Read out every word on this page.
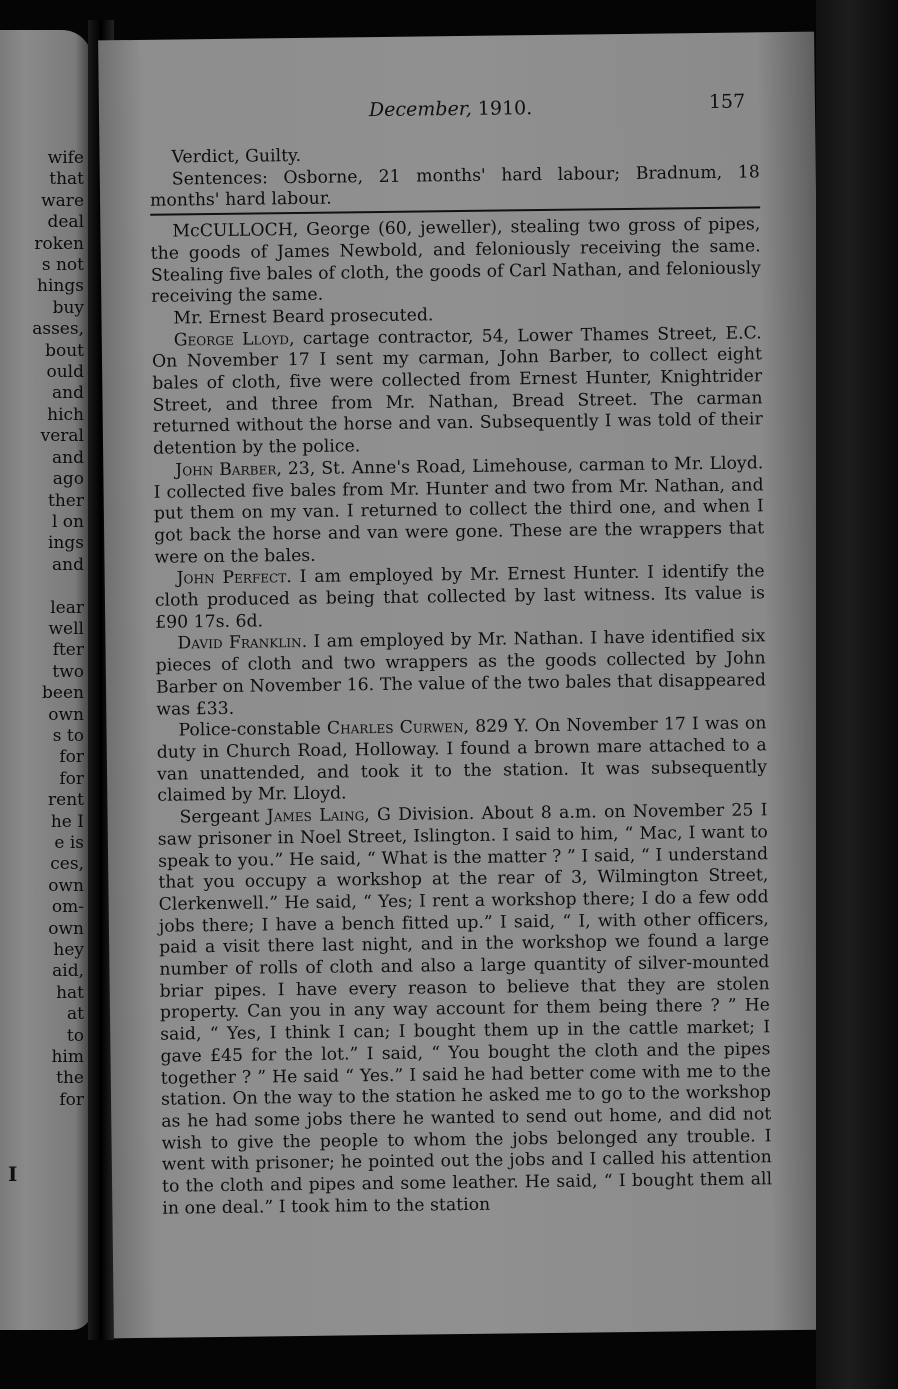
wife
that
ware
deal
roken
s not
hings
buy
asses,
bout
ould
and
hich
veral
and
ago
ther
l on
ings
and

lear
well
fter
two
been
own
s to
for
for
rent
he I
e is
ces,
own
om-
own
hey
aid,
hat
at
to
him
the
for
I
December, 1910.	157

Verdict, Guilty.

Sentences: Osborne, 21 months' hard labour; Bradnum, 18 months' hard labour.

McCULLOCH, George (60, jeweller), stealing two gross of pipes, the goods of James Newbold, and feloniously receiving the same. Stealing five bales of cloth, the goods of Carl Nathan, and feloniously receiving the same.

Mr. Ernest Beard prosecuted.

George Lloyd, cartage contractor, 54, Lower Thames Street, E.C. On November 17 I sent my carman, John Barber, to collect eight bales of cloth, five were collected from Ernest Hunter, Knightrider Street, and three from Mr. Nathan, Bread Street. The carman returned without the horse and van. Subsequently I was told of their detention by the police.

John Barber, 23, St. Anne's Road, Limehouse, carman to Mr. Lloyd. I collected five bales from Mr. Hunter and two from Mr. Nathan, and put them on my van. I returned to collect the third one, and when I got back the horse and van were gone. These are the wrappers that were on the bales.

John Perfect. I am employed by Mr. Ernest Hunter. I identify the cloth produced as being that collected by last witness. Its value is £90 17s. 6d.

David Franklin. I am employed by Mr. Nathan. I have identified six pieces of cloth and two wrappers as the goods collected by John Barber on November 16. The value of the two bales that disappeared was £33.

Police-constable Charles Curwen, 829 Y. On November 17 I was on duty in Church Road, Holloway. I found a brown mare attached to a van unattended, and took it to the station. It was subsequently claimed by Mr. Lloyd.

Sergeant James Laing, G Division. About 8 a.m. on November 25 I saw prisoner in Noel Street, Islington. I said to him, “ Mac, I want to speak to you.” He said, “ What is the matter ? ” I said, “ I understand that you occupy a workshop at the rear of 3, Wilmington Street, Clerkenwell.” He said, “ Yes; I rent a workshop there; I do a few odd jobs there; I have a bench fitted up.” I said, “ I, with other officers, paid a visit there last night, and in the workshop we found a large number of rolls of cloth and also a large quantity of silver-mounted briar pipes. I have every reason to believe that they are stolen property. Can you in any way account for them being there ? ” He said, “ Yes, I think I can; I bought them up in the cattle market; I gave £45 for the lot.” I said, “ You bought the cloth and the pipes together ? ” He said “ Yes.” I said he had better come with me to the station. On the way to the station he asked me to go to the workshop as he had some jobs there he wanted to send out home, and did not wish to give the people to whom the jobs belonged any trouble. I went with prisoner; he pointed out the jobs and I called his attention to the cloth and pipes and some leather. He said, “ I bought them all in one deal.” I took him to the station
